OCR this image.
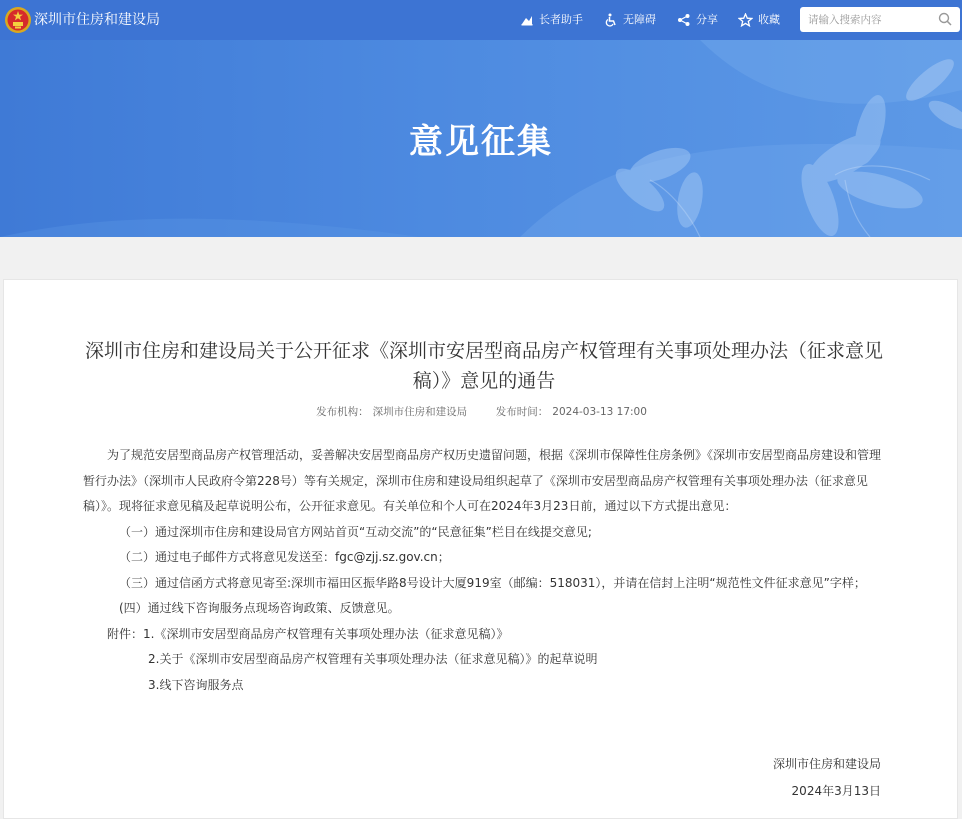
深圳市住房和建设局	长者助手	无障碍	分享	收藏
请输入搜索内容
意见征集
深圳市住房和建设局关于公开征求《深圳市安居型商品房产权管理有关事项处理办法（征求意见稿）》意见的通告
发布机构： 深圳市住房和建设局	发布时间： 2024-03-13 17:00

为了规范安居型商品房产权管理活动，妥善解决安居型商品房产权历史遗留问题，根据《深圳市保障性住房条例》《深圳市安居型商品房建设和管理暂行办法》（深圳市人民政府令第228号）等有关规定，深圳市住房和建设局组织起草了《深圳市安居型商品房产权管理有关事项处理办法（征求意见稿）》。现将征求意见稿及起草说明公布，公开征求意见。有关单位和个人可在2024年3月23日前，通过以下方式提出意见：

（一）通过深圳市住房和建设局官方网站首页“互动交流”的“民意征集”栏目在线提交意见;

（二）通过电子邮件方式将意见发送至：fgc@zjj.sz.gov.cn；

（三）通过信函方式将意见寄至:深圳市福田区振华路8号设计大厦919室（邮编：518031），并请在信封上注明“规范性文件征求意见”字样；

(四）通过线下咨询服务点现场咨询政策、反馈意见。

附件：1.《深圳市安居型商品房产权管理有关事项处理办法（征求意见稿）》

2.关于《深圳市安居型商品房产权管理有关事项处理办法（征求意见稿）》的起草说明

3.线下咨询服务点

深圳市住房和建设局
2024年3月13日
